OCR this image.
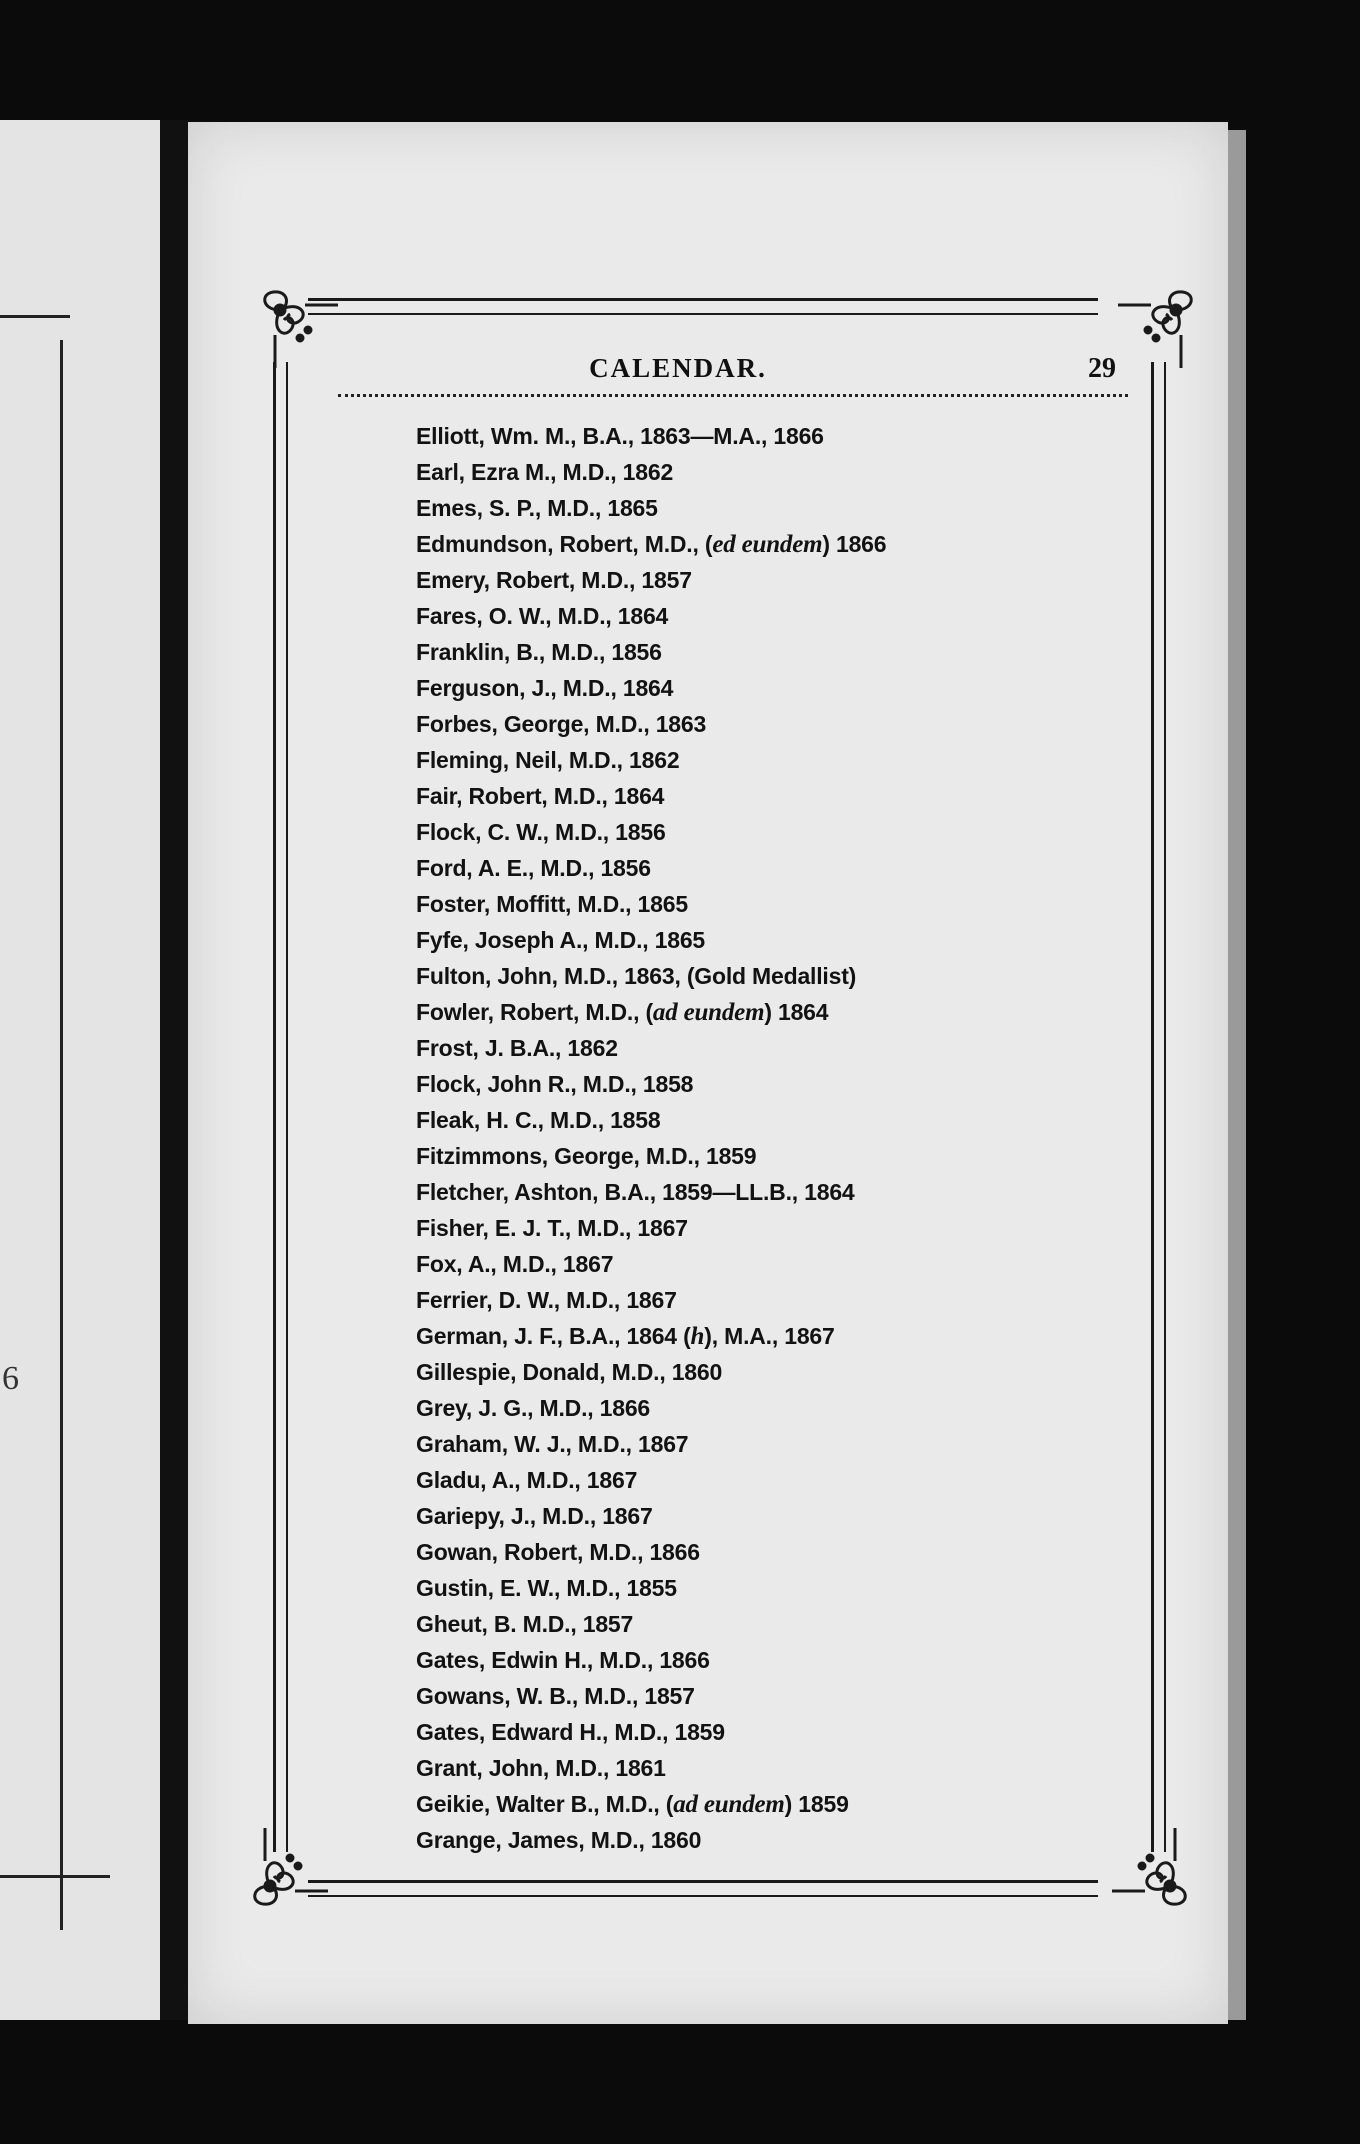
6
CALENDAR.	29
Elliott, Wm. M., B.A., 1863—M.A., 1866
Earl, Ezra M., M.D., 1862
Emes, S. P., M.D., 1865
Edmundson, Robert, M.D., (ed eundem) 1866
Emery, Robert, M.D., 1857
Fares, O. W., M.D., 1864
Franklin, B., M.D., 1856
Ferguson, J., M.D., 1864
Forbes, George, M.D., 1863
Fleming, Neil, M.D., 1862
Fair, Robert, M.D., 1864
Flock, C. W., M.D., 1856
Ford, A. E., M.D., 1856
Foster, Moffitt, M.D., 1865
Fyfe, Joseph A., M.D., 1865
Fulton, John, M.D., 1863, (Gold Medallist)
Fowler, Robert, M.D., (ad eundem) 1864
Frost, J. B.A., 1862
Flock, John R., M.D., 1858
Fleak, H. C., M.D., 1858
Fitzimmons, George, M.D., 1859
Fletcher, Ashton, B.A., 1859—LL.B., 1864
Fisher, E. J. T., M.D., 1867
Fox, A., M.D., 1867
Ferrier, D. W., M.D., 1867
German, J. F., B.A., 1864 (h), M.A., 1867
Gillespie, Donald, M.D., 1860
Grey, J. G., M.D., 1866
Graham, W. J., M.D., 1867
Gladu, A., M.D., 1867
Gariepy, J., M.D., 1867
Gowan, Robert, M.D., 1866
Gustin, E. W., M.D., 1855
Gheut, B. M.D., 1857
Gates, Edwin H., M.D., 1866
Gowans, W. B., M.D., 1857
Gates, Edward H., M.D., 1859
Grant, John, M.D., 1861
Geikie, Walter B., M.D., (ad eundem) 1859
Grange, James, M.D., 1860
